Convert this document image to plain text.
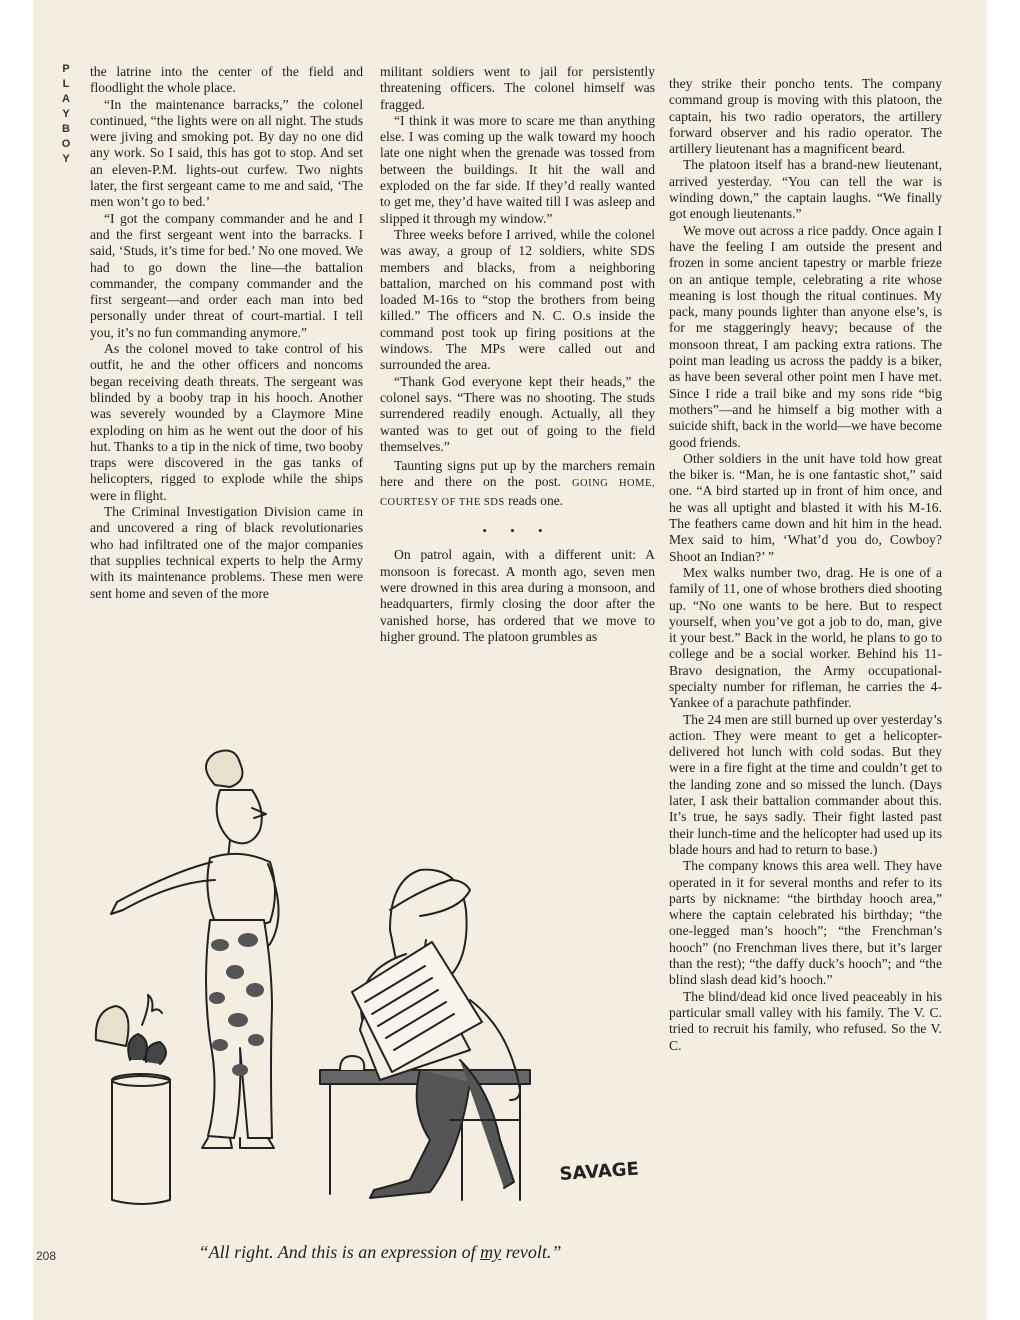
P
L
A
Y
B
O
Y

the latrine into the center of the field and floodlight the whole place.

“In the maintenance barracks,” the colonel continued, “the lights were on all night. The studs were jiving and smoking pot. By day no one did any work. So I said, this has got to stop. And set an eleven-P.M. lights-out curfew. Two nights later, the first sergeant came to me and said, ‘The men won’t go to bed.’

“I got the company commander and he and I and the first sergeant went into the barracks. I said, ‘Studs, it’s time for bed.’ No one moved. We had to go down the line—the battalion commander, the company commander and the first sergeant—and order each man into bed personally under threat of court-martial. I tell you, it’s no fun commanding anymore.”

As the colonel moved to take control of his outfit, he and the other officers and noncoms began receiving death threats. The sergeant was blinded by a booby trap in his hooch. Another was severely wounded by a Claymore Mine exploding on him as he went out the door of his hut. Thanks to a tip in the nick of time, two booby traps were discovered in the gas tanks of helicopters, rigged to explode while the ships were in flight.

The Criminal Investigation Division came in and uncovered a ring of black revolutionaries who had infiltrated one of the major companies that supplies technical experts to help the Army with its maintenance problems. These men were sent home and seven of the more

militant soldiers went to jail for persistently threatening officers. The colonel himself was fragged.

“I think it was more to scare me than anything else. I was coming up the walk toward my hooch late one night when the grenade was tossed from between the buildings. It hit the wall and exploded on the far side. If they’d really wanted to get me, they’d have waited till I was asleep and slipped it through my window.”

Three weeks before I arrived, while the colonel was away, a group of 12 soldiers, white SDS members and blacks, from a neighboring battalion, marched on his command post with loaded M-16s to “stop the brothers from being killed.” The officers and N. C. O.s inside the command post took up firing positions at the windows. The MPs were called out and surrounded the area.

“Thank God everyone kept their heads,” the colonel says. “There was no shooting. The studs surrendered readily enough. Actually, all they wanted was to get out of going to the field themselves.”

Taunting signs put up by the marchers remain here and there on the post. GOING HOME, COURTESY OF THE SDS reads one.

• • •

On patrol again, with a different unit: A monsoon is forecast. A month ago, seven men were drowned in this area during a monsoon, and headquarters, firmly closing the door after the vanished horse, has ordered that we move to higher ground. The platoon grumbles as

they strike their poncho tents. The company command group is moving with this platoon, the captain, his two radio operators, the artillery forward observer and his radio operator. The artillery lieutenant has a magnificent beard.

The platoon itself has a brand-new lieutenant, arrived yesterday. “You can tell the war is winding down,” the captain laughs. “We finally got enough lieutenants.”

We move out across a rice paddy. Once again I have the feeling I am outside the present and frozen in some ancient tapestry or marble frieze on an antique temple, celebrating a rite whose meaning is lost though the ritual continues. My pack, many pounds lighter than anyone else’s, is for me staggeringly heavy; because of the monsoon threat, I am packing extra rations. The point man leading us across the paddy is a biker, as have been several other point men I have met. Since I ride a trail bike and my sons ride “big mothers”—and he himself a big mother with a suicide shift, back in the world—we have become good friends.

Other soldiers in the unit have told how great the biker is. “Man, he is one fantastic shot,” said one. “A bird started up in front of him once, and he was all uptight and blasted it with his M-16. The feathers came down and hit him in the head. Mex said to him, ‘What’d you do, Cowboy? Shoot an Indian?’ ”

Mex walks number two, drag. He is one of a family of 11, one of whose brothers died shooting up. “No one wants to be here. But to respect yourself, when you’ve got a job to do, man, give it your best.” Back in the world, he plans to go to college and be a social worker. Behind his 11-Bravo designation, the Army occupational-specialty number for rifleman, he carries the 4-Yankee of a parachute pathfinder.

The 24 men are still burned up over yesterday’s action. They were meant to get a helicopter-delivered hot lunch with cold sodas. But they were in a fire fight at the time and couldn’t get to the landing zone and so missed the lunch. (Days later, I ask their battalion commander about this. It’s true, he says sadly. Their fight lasted past their lunch-time and the helicopter had used up its blade hours and had to return to base.)

The company knows this area well. They have operated in it for several months and refer to its parts by nickname: “the birthday hooch area,” where the captain celebrated his birthday; “the one-legged man’s hooch”; “the Frenchman’s hooch” (no Frenchman lives there, but it’s larger than the rest); “the daffy duck’s hooch”; and “the blind slash dead kid’s hooch.”

The blind/dead kid once lived peaceably in his particular small valley with his family. The V. C. tried to recruit his family, who refused. So the V. C.

SAVAGE
“All right. And this is an expression of my revolt.”
208
